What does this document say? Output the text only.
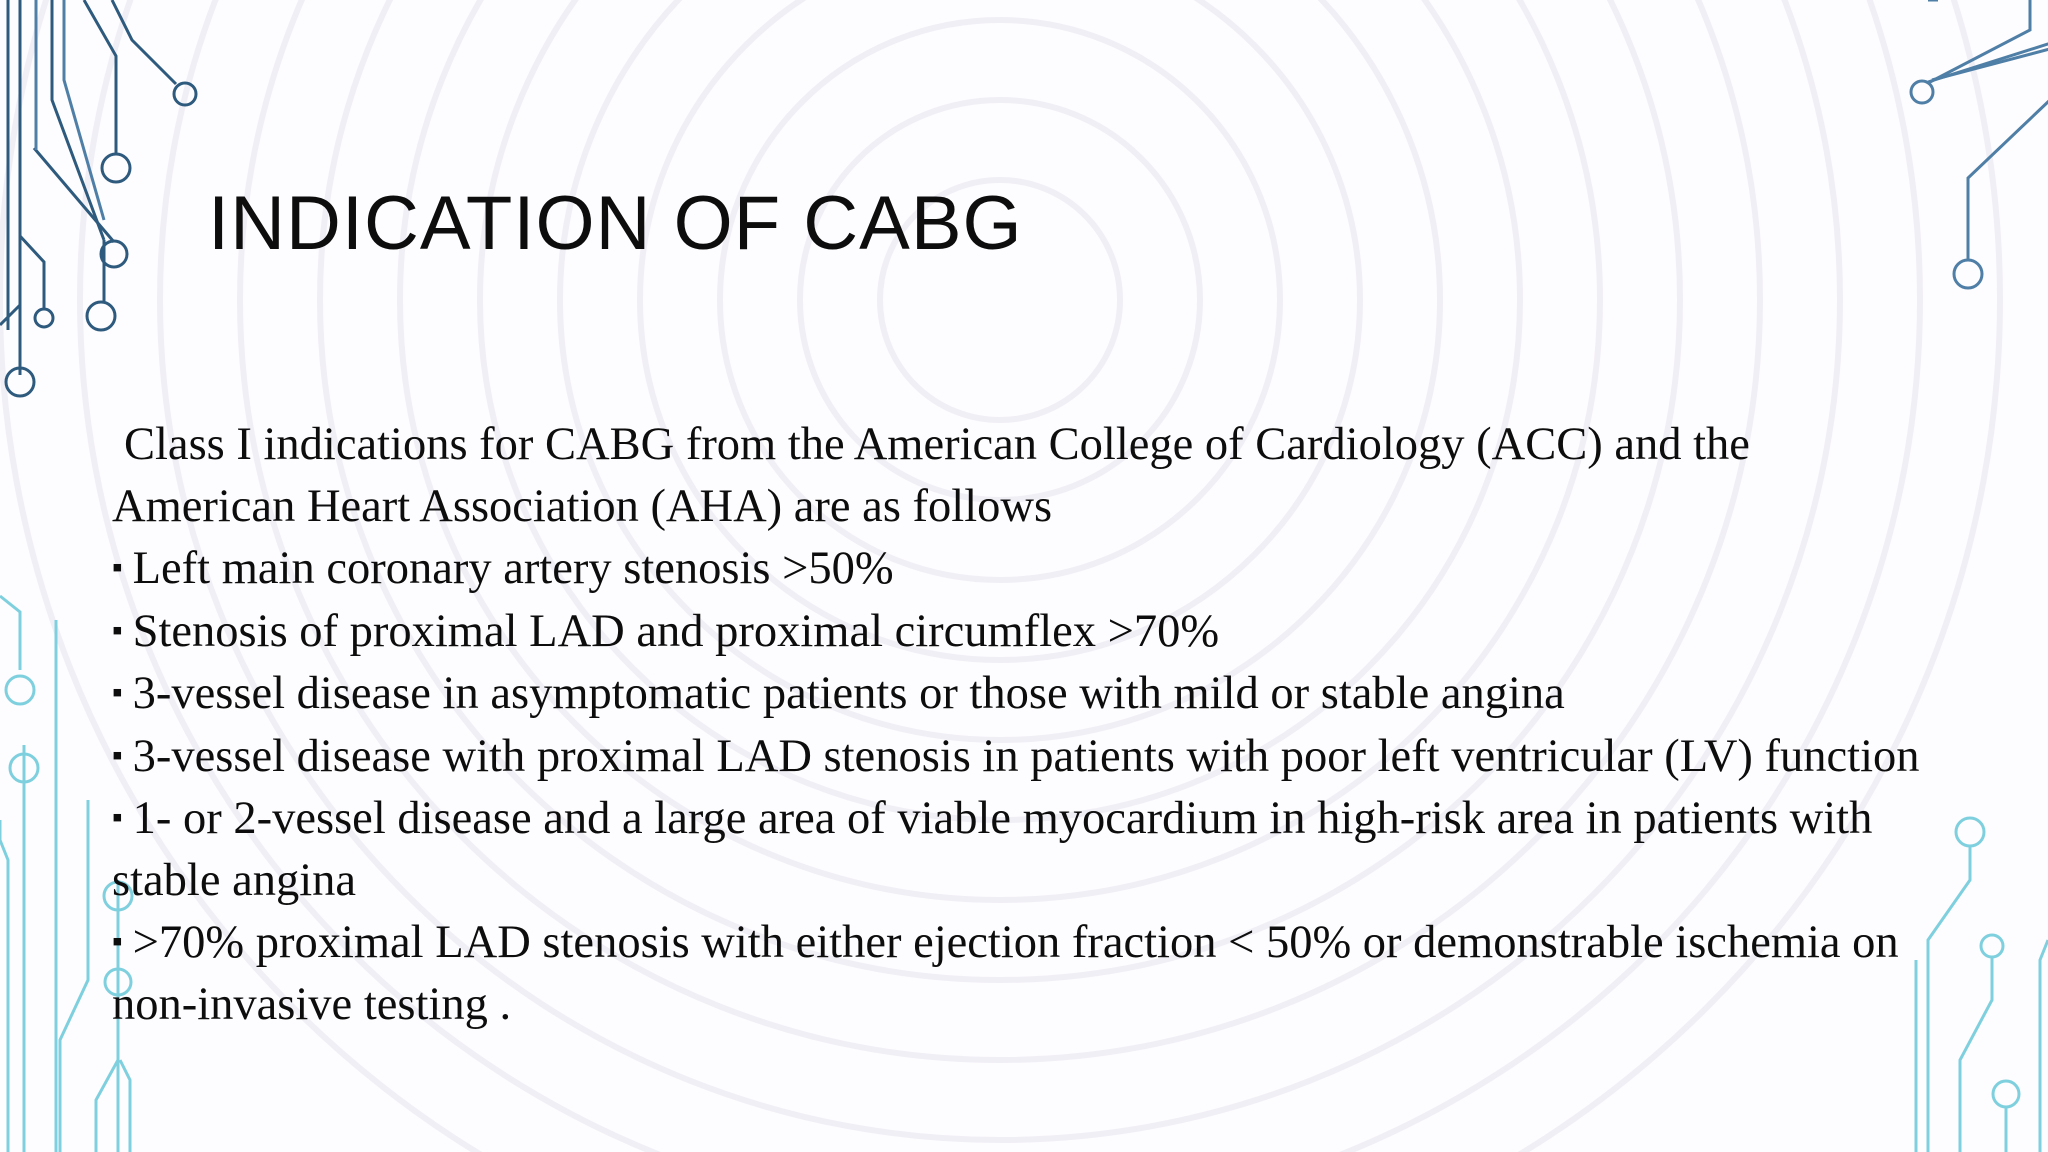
INDICATION OF CABG

Class I indications for CABG from the American College of Cardiology (ACC) and the American Heart Association (AHA) are as follows

▪ Left main coronary artery stenosis >50%

▪ Stenosis of proximal LAD and proximal circumflex >70%

▪ 3-vessel disease in asymptomatic patients or those with mild or stable angina

▪ 3-vessel disease with proximal LAD stenosis in patients with poor left ventricular (LV) function

▪ 1- or 2-vessel disease and a large area of viable myocardium in high-risk area in patients with stable angina

▪ >70% proximal LAD stenosis with either ejection fraction < 50% or demonstrable ischemia on non-invasive testing .
